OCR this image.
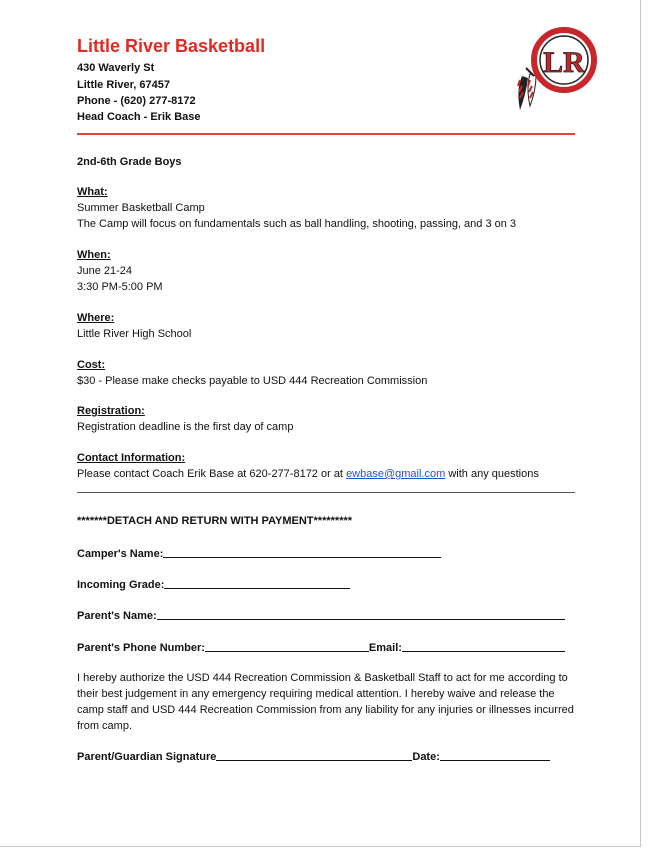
Little River Basketball
430 Waverly St
Little River, 67457
Phone - (620) 277-8172
Head Coach - Erik Base
LR
2nd-6th Grade Boys
What:
Summer Basketball Camp
The Camp will focus on fundamentals such as ball handling, shooting, passing, and 3 on 3
When:
June 21-24
3:30 PM-5:00 PM
Where:
Little River High School
Cost:
$30 - Please make checks payable to USD 444 Recreation Commission
Registration:
Registration deadline is the first day of camp
Contact Information:
Please contact Coach Erik Base at 620-277-8172 or at ewbase@gmail.com with any questions
*******DETACH AND RETURN WITH PAYMENT*********
Camper's Name:
Incoming Grade:
Parent's Name:
Parent's Phone Number:	Email:
I hereby authorize the USD 444 Recreation Commission & Basketball Staff to act for me according to their best judgement in any emergency requiring medical attention. I hereby waive and release the camp staff and USD 444 Recreation Commission from any liability for any injuries or illnesses incurred from camp.
Parent/Guardian Signature	Date:
